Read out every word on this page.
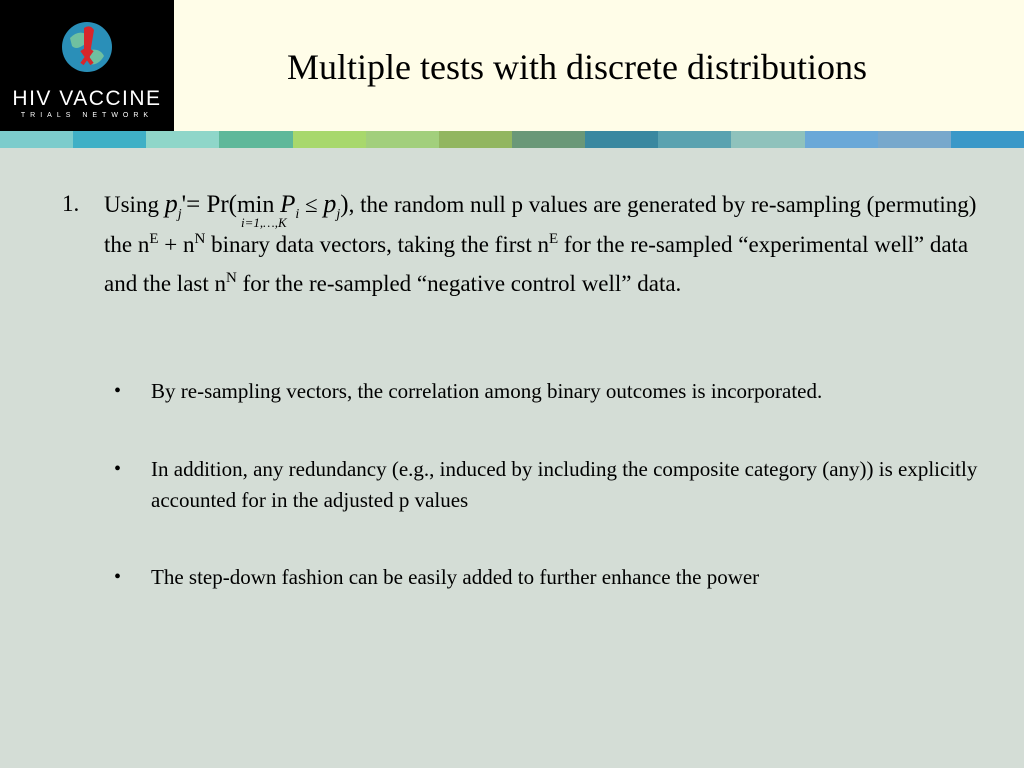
HIV VACCINE
TRIALS NETWORK
Multiple tests with discrete distributions
1. Using $p_j'= Pr(\min$
i=1,…,K
$P_i \le p_j$), the random null p values are generated by re-sampling (permuting) the $n^E + n^N$ binary data vectors, taking the first $n^E$ for the re-sampled “experimental well” data and the last $n^N$ for the re-sampled “negative control well” data.
• By re-sampling vectors, the correlation among binary outcomes is incorporated.
• In addition, any redundancy (e.g., induced by including the composite category (any)) is explicitly accounted for in the adjusted p values
• The step-down fashion can be easily added to further enhance the power
